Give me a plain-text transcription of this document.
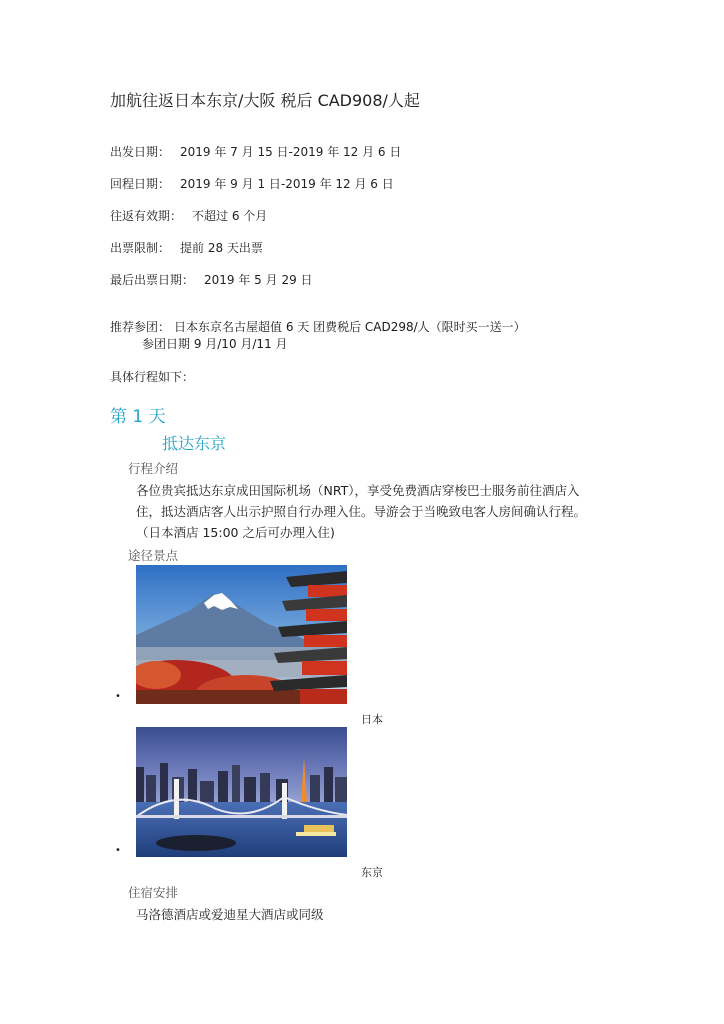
加航往返日本东京/大阪 税后 CAD908/人起
出发日期： 2019 年 7 月 15 日-2019 年 12 月 6 日
回程日期： 2019 年 9 月 1 日-2019 年 12 月 6 日
往返有效期： 不超过 6 个月
出票限制： 提前 28 天出票
最后出票日期： 2019 年 5 月 29 日
推荐参团： 日本东京名古屋超值 6 天 团费税后 CAD298/人（限时买一送一）
参团日期 9 月/10 月/11 月
具体行程如下：
第 1 天
抵达东京
行程介绍

各位贵宾抵达东京成田国际机场（NRT），享受免费酒店穿梭巴士服务前往酒店入

住，抵达酒店客人出示护照自行办理入住。导游会于当晚致电客人房间确认行程。

（日本酒店 15:00 之后可办理入住)

途径景点
•
日本
•
东京
住宿安排
马洛德酒店或爱迪星大酒店或同级
